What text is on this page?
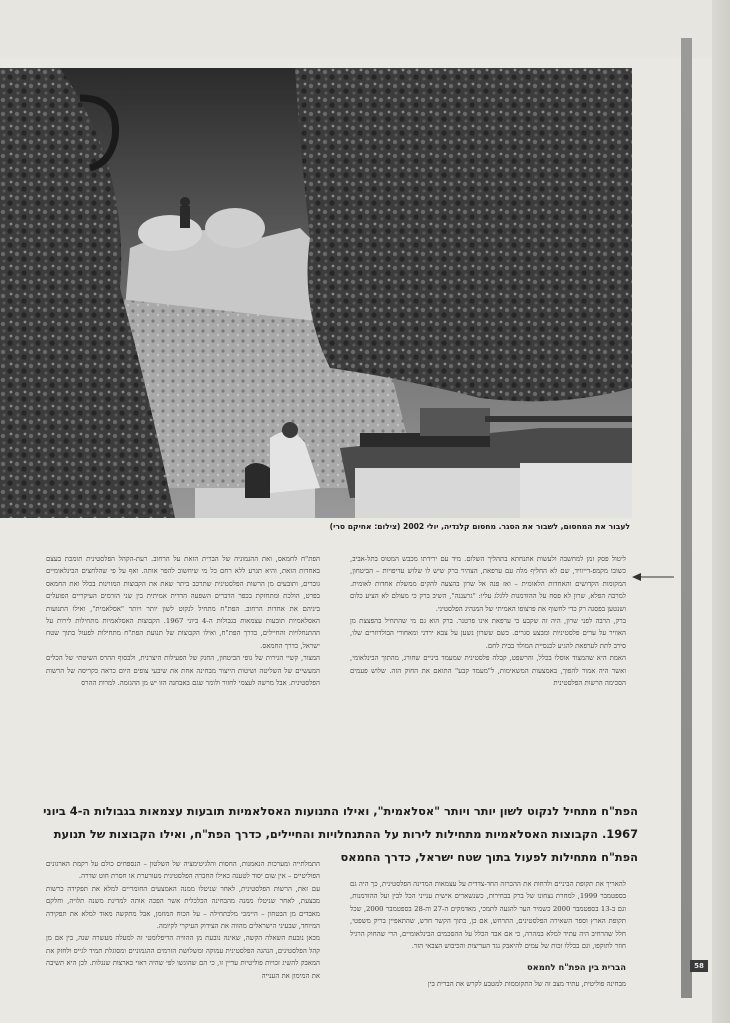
לעבור את המחסום, לשבור את הסגר. מחסום קלנדיה, יולי 2002 (צילום: אחיקם סרי)

ליטול פסק זמן למחשבה ולעשות אתנחתא בתהליך השלום. מיד עם ירידתו מכבש המטוס בתל-אביב, כשובו מקמפ-דייוויד, שם לא החליף מלה עם ערפאת, הצהיר ברק שיש לו שלוש עדיפויות – הביטחון, המקומות הקדושים והאחדות הלאומית – ואז פנה אל שרון בהצעה להקים ממשלת אחדות לאומית. למרבה הפלא, שרון לא פסח על ההזדמנות ללגלג עליו: "גרעננה", השיב ברק כי מעולם לא הציע כלום ושנטען בפסגה רק כדי לחשוף את פרצופו האמיתי של המנהיג הפלסטיני.

ברק, הרבה לפני שרון, היה זה שקבע כי ערפאת אינו פרטנר. ברק הוא גם מי שהתחיל בהפצצת מן האוויר על ערים פלסטיניות ומבצע סגרים. כשם ששרון נשען על צבא ירדני ומאחורי הבולדוזרים שלו, סירב לתת לערפאת להגיע לכנסיית המולד בבית לחם.

האמת היא שהמצוד אוסלו בכלל, והרשפט, קבלה פלסטינית שמעמד ביניים שחורג, מהתוך הבינלאומי, ואשר היה אמור להפוך, באמצעות המשאימות, ל"מעמד קבע" התואם את החוק הזה. שלוש פעמים הסכימה הרשות הפלסטינית

הפת"ח לחמאס, ואת ההגמוניה של הברית הזאת על הרחוב. רעת-הקהל הפלסטינית תומכת בעצם באחדות הזאת, והיא תגרע ללא רחם כל מי שיחשוב להפר אותה. ואף על פי שהלחצים הבינלאומיים גוברים, ותובעים מן הרשות הפלסטינית שתרכב ביתר שאת את הקבוצות המזוינות בכלל ואת החמאס בפרט, הולכת ומתחזקת בכפר הדברים השפעה הדדית אמיתית בין שני הזרמים העיקריים הפועלים ביניהם את אחדות הרחוב. הפת"ח מתחיל לנקוט לשון יותר ויותר "אסלאמית", ואילו התנועות האסלאמיות תובעות עצמאות בגבולות ה-4 ביוני 1967. הקבוצות האסלאמיות מתחילות לירות על ההתנחלויות והחיילים, כדרך הפת"ח, ואילו הקבוצות של תנועת הפת"ח מתחילות לפעול בתוך שטח ישראל, כדרך החמאס.

המצור, קשיי הגירות של גופי הביטחון, החנק של הפעילות היצרנית, ולבסוף ההרס השיטתי של הכלים המעשיים של השליטה ושיטות הייצור מבחינה אחת את שיבעי צופים היום כראה כקריסה של הרשות הפלסטינית. אבל מרשה לעצמי לחזור ולומר שגם באבחנה הזו יש מן ההגזמה. למרות ההרס

הפת"ח מתחיל לנקוט לשון יותר ויותר "אסלאמית", ואילו התנועות האסלאמיות תובעות עצמאות בגבולות ה-4 ביוני
1967. הקבוצות האסלאמיות מתחילות לירות על ההתנחלויות והחיילים, כדרך הפת"ח, ואילו הקבוצות של תנועת
הפת"ח מתחילות לפעול בתוך שטח ישראל, כדרך החמאס

להאריך את תקופת הביניים ולדחות את ההכרזה החד-צדדית על עצמאות המדינה הפלסטינית, כך היה גם בספטמבר 1999, למחרת נצחונו של ברק בבחירות, כשנשארים אישית ענייני הכל לבין ועל ההזדמנות, וגם ב-13 בספטמבר 2000 כשמיר הער להגעה לתמכי, מאדמקים ה-27 וה-28 בספטמבר 2000, שכל תקופת הארץ וספר השאירה הפלסטינים, התרחש, אם כן, בתוך הקשר חדש, שהתאפיין בריק משפטי, חלל שהרחיב היה עתיד למלא במהרה, כי אם אבד הכלל על ההסכמים הבינלאומיים, הרי שהחוק הרגיל חוזר לתוקפו, וגם בכללו זכות של עמים להיאבק נגד העריצות והכיבוש הצבאי הזר.

הברית בין הפת"ח לחמאס

מבחינה פוליטית, עתיד מצב זה של התקוממות למטבע לקרש את הברית בין

התמלתייה ומערכות הנאמנות, החסות והלגיטימציה של השלטון – הנספחים כולם על רקמת הארגונים הפוליטיים – אין שום יסוד לטענה כאילו החברה הפלסטינית מעורערת או חסרת חוט שדרה.

עם זאת, הרשות הפלסטינית, לאחר שניטלו ממנה האמצעים החומריים למלא את תפקידה כרשות מבצעת, לאחר שניטלו ממנה מהבחינה הכלכלית אשר הפכה אותה למדינת משנה תלויה, וחלקם מאבדים מן הבטחון – היימכי מלכתחילה – על הכוח המוזמן, אבל מתקשה מאוד למלא את תפקידה המיוחד, שבעיני הישראלים מהווה את הצידוק העיקרי לקיומה.

מכאן נובעת השאלה הקשה, שאינה נובעת מן ההוויה הדיפלומטי זה למעלה מעשרה שנה, בין אם מן קהל הפלסטינים, הנהגה הפלסטינית עמוקה ומשלושת הזרמים ההגמוניים ומסוגלת תמיד לגייס ולחזק את המאבק להשיג זכויות פוליטיות עדיין זו, כי הם שהוגשו לפי שהיה ראוי כארצות שנגלות. לכן היא תשיבה את המימון את הענייה

58
